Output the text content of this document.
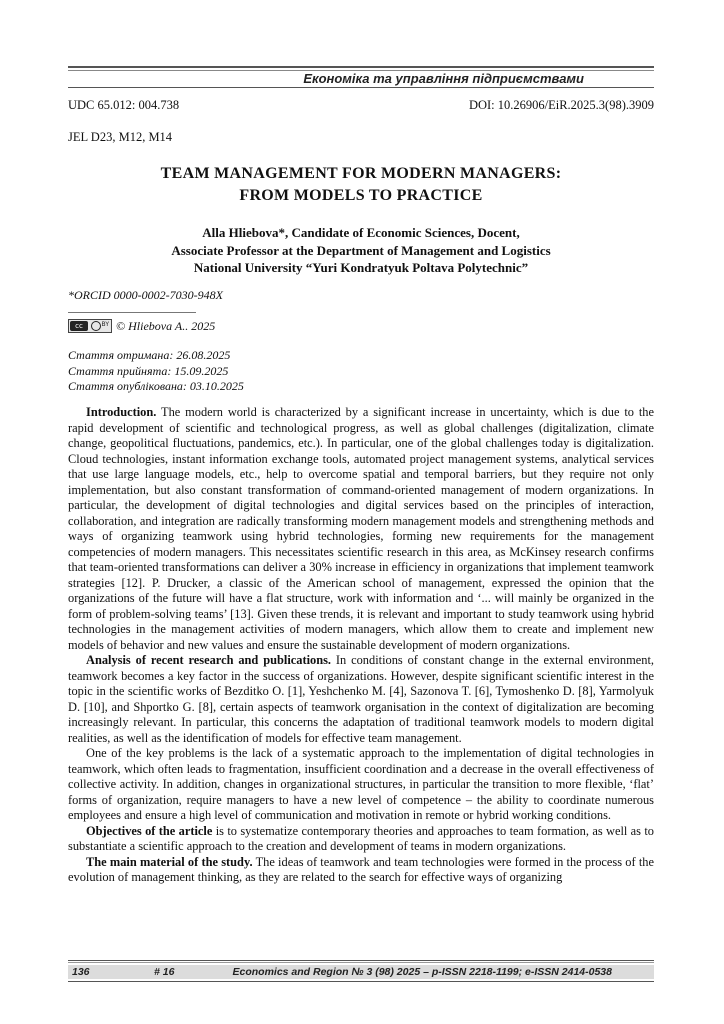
Економіка та управління підприємствами
UDC 65.012: 004.738	DOI: 10.26906/EiR.2025.3(98).3909
JEL D23, M12, M14
TEAM MANAGEMENT FOR MODERN MANAGERS:
FROM MODELS TO PRACTICE
Alla Hliebova*, Candidate of Economic Sciences, Docent,
Associate Professor at the Department of Management and Logistics
National University “Yuri Kondratyuk Poltava Polytechnic”
*ORCID 0000-0002-7030-948X
cc	BY © Hliebova A.. 2025
Стаття отримана: 26.08.2025
Стаття прийнята: 15.09.2025
Стаття опублікована: 03.10.2025

Introduction. The modern world is characterized by a significant increase in uncertainty, which is due to the rapid development of scientific and technological progress, as well as global challenges (digitalization, climate change, geopolitical fluctuations, pandemics, etc.). In particular, one of the global challenges today is digitalization. Cloud technologies, instant information exchange tools, automated project management systems, analytical services that use large language models, etc., help to overcome spatial and temporal barriers, but they require not only implementation, but also constant transformation of command-oriented management of modern organizations. In particular, the development of digital technologies and digital services based on the principles of interaction, collaboration, and integration are radically transforming modern management models and strengthening methods and ways of organizing teamwork using hybrid technologies, forming new requirements for the management competencies of modern managers. This necessitates scientific research in this area, as McKinsey research confirms that team-oriented transformations can deliver a 30% increase in efficiency in organizations that implement teamwork strategies [12]. P. Drucker, a classic of the American school of management, expressed the opinion that the organizations of the future will have a flat structure, work with information and ‘... will mainly be organized in the form of problem-solving teams’ [13]. Given these trends, it is relevant and important to study teamwork using hybrid technologies in the management activities of modern managers, which allow them to create and implement new models of behavior and new values and ensure the sustainable development of modern organizations.

Analysis of recent research and publications. In conditions of constant change in the external environment, teamwork becomes a key factor in the success of organizations. However, despite significant scientific interest in the topic in the scientific works of Bezditko O. [1], Yeshchenko M. [4], Sazonova T. [6], Tymoshenko D. [8], Yarmolyuk D. [10], and Shportko G. [8], certain aspects of teamwork organisation in the context of digitalization are becoming increasingly relevant. In particular, this concerns the adaptation of traditional teamwork models to modern digital realities, as well as the identification of models for effective team management.

One of the key problems is the lack of a systematic approach to the implementation of digital technologies in teamwork, which often leads to fragmentation, insufficient coordination and a decrease in the overall effectiveness of collective activity. In addition, changes in organizational structures, in particular the transition to more flexible, ‘flat’ forms of organization, require managers to have a new level of competence – the ability to coordinate numerous employees and ensure a high level of communication and motivation in remote or hybrid working conditions.

Objectives of the article is to systematize contemporary theories and approaches to team formation, as well as to substantiate a scientific approach to the creation and development of teams in modern organizations.

The main material of the study. The ideas of teamwork and team technologies were formed in the process of the evolution of management thinking, as they are related to the search for effective ways of organizing

136	# 16	Economics and Region № 3 (98) 2025 – p-ISSN 2218-1199; e-ISSN 2414-0538
